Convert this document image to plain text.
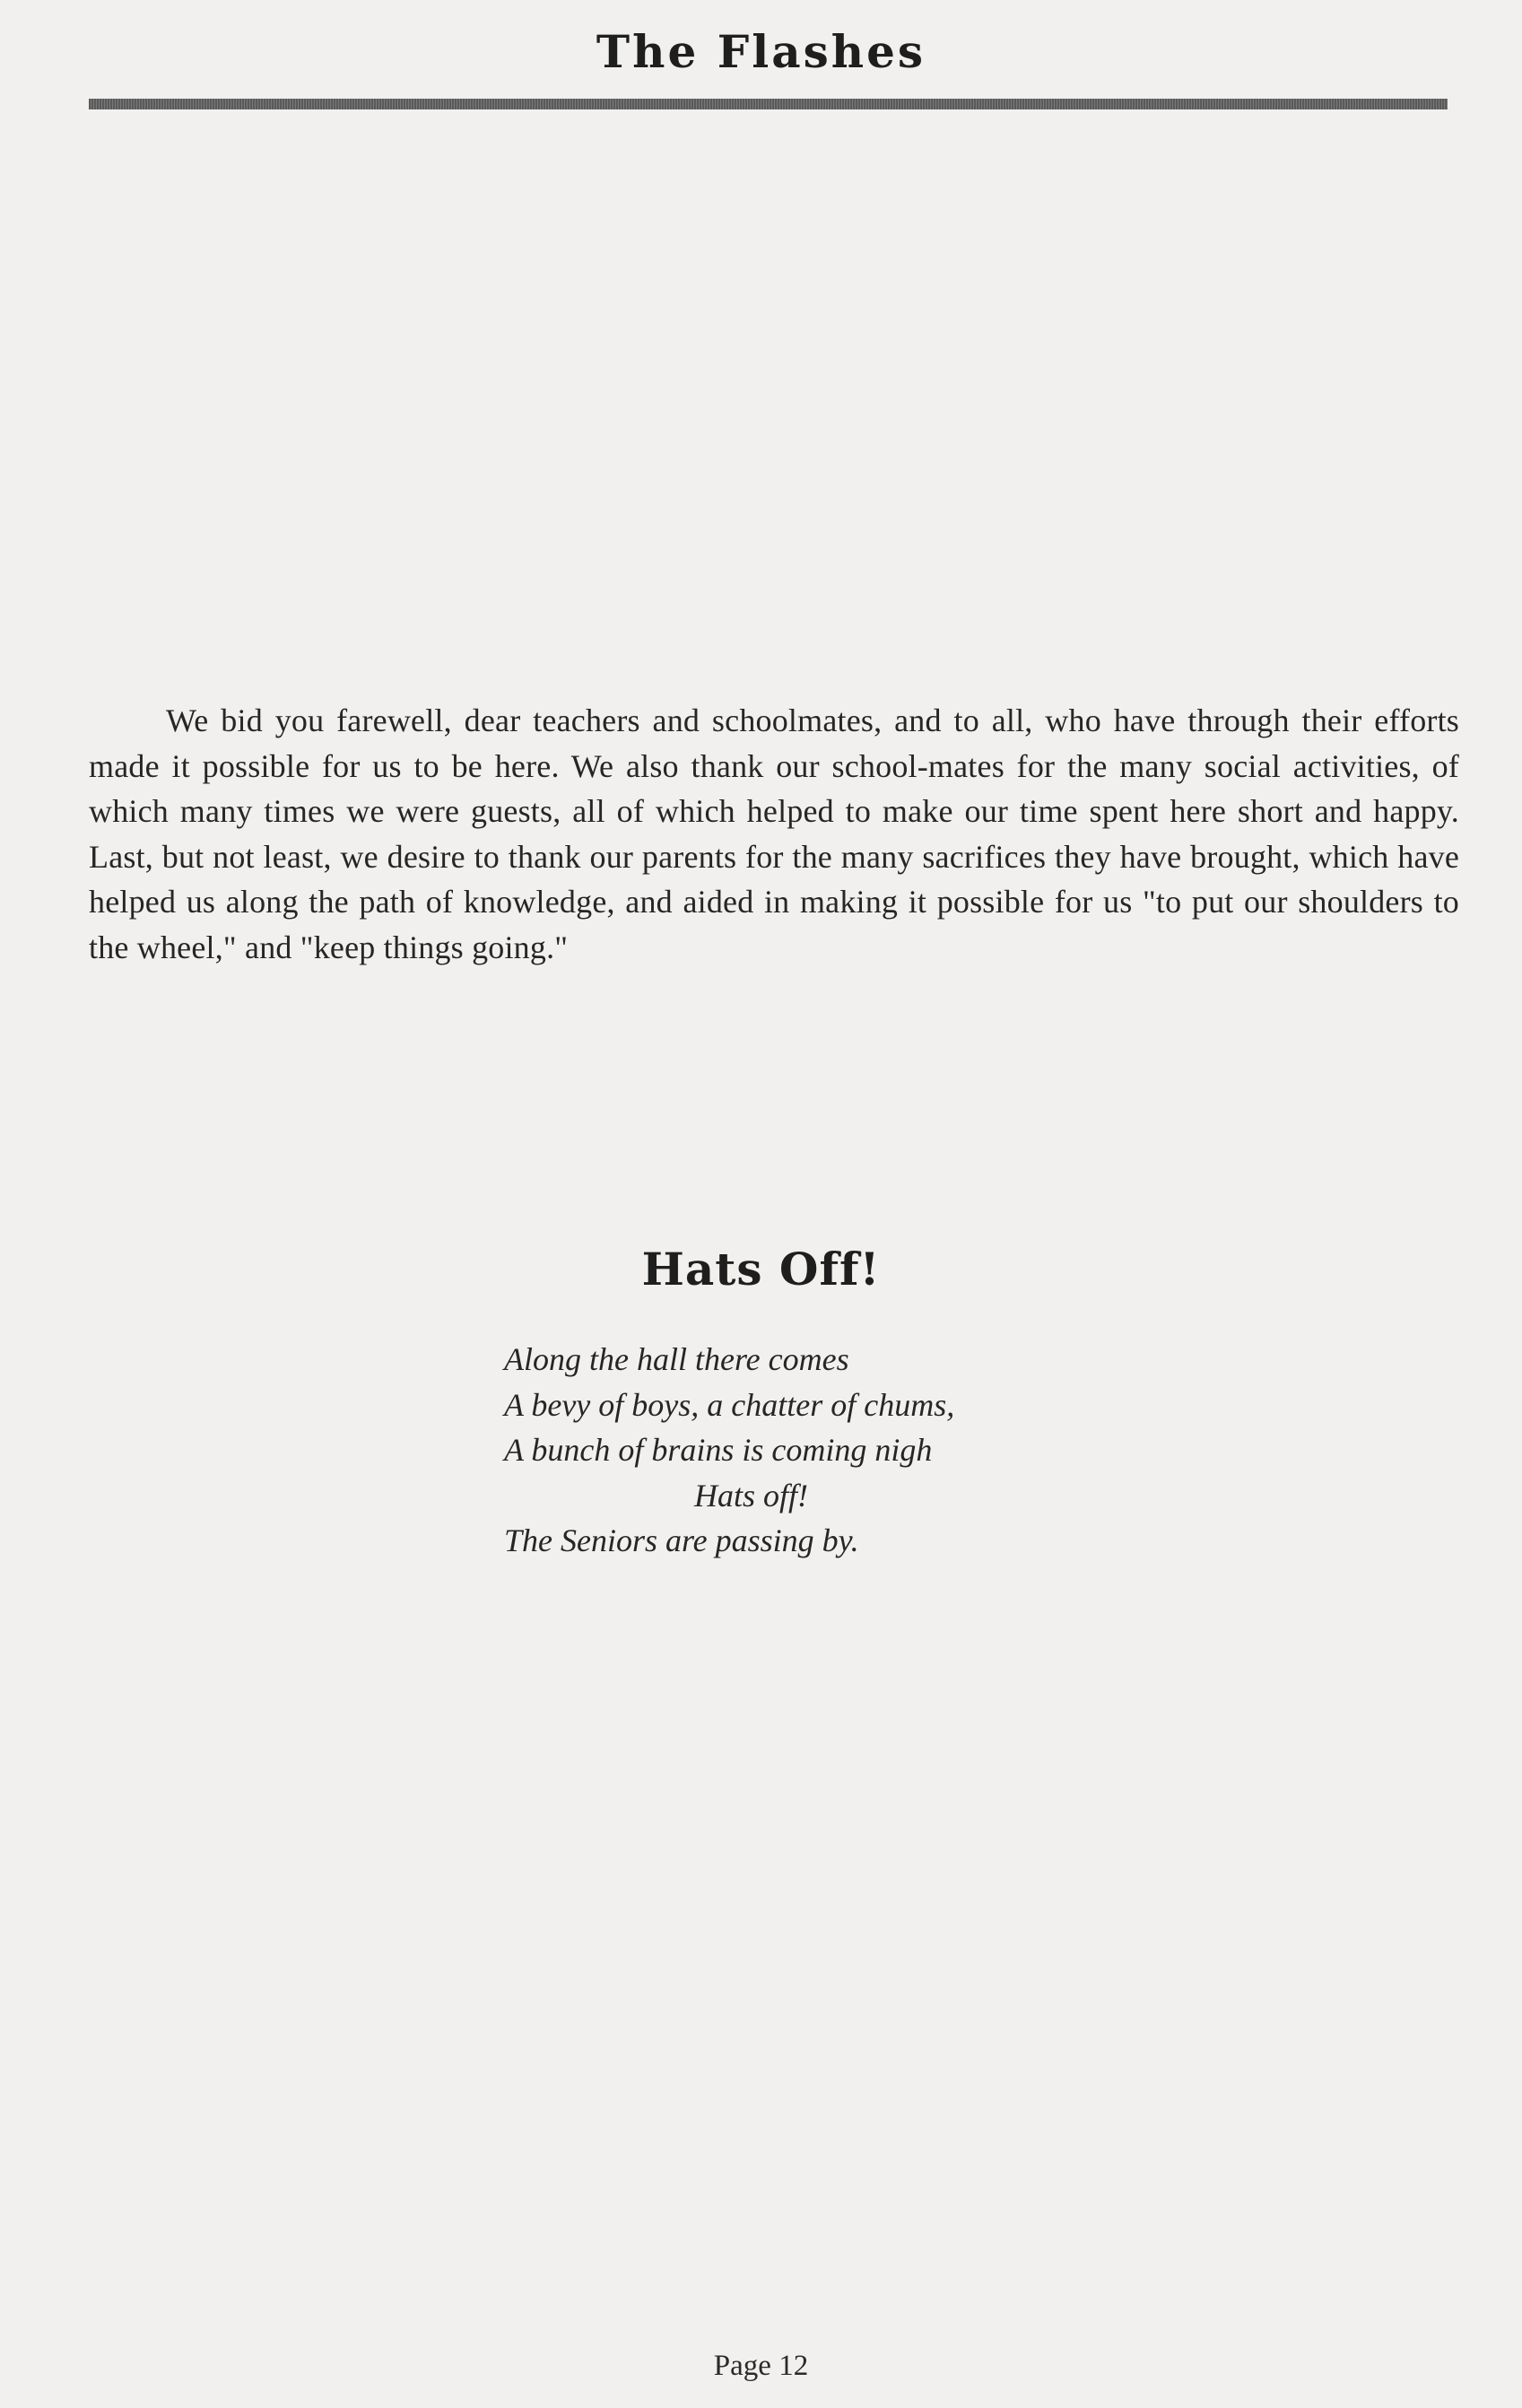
The Flashes

We bid you farewell, dear teachers and schoolmates, and to all, who have through their efforts made it possible for us to be here. We also thank our school-mates for the many social activities, of which many times we were guests, all of which helped to make our time spent here short and happy. Last, but not least, we desire to thank our parents for the many sacrifices they have brought, which have helped us along the path of knowledge, and aided in making it possible for us "to put our shoulders to the wheel," and "keep things going."

Hats Off!
Along the hall there comes
A bevy of boys, a chatter of chums,
A bunch of brains is coming nigh
Hats off!
The Seniors are passing by.
Page 12
